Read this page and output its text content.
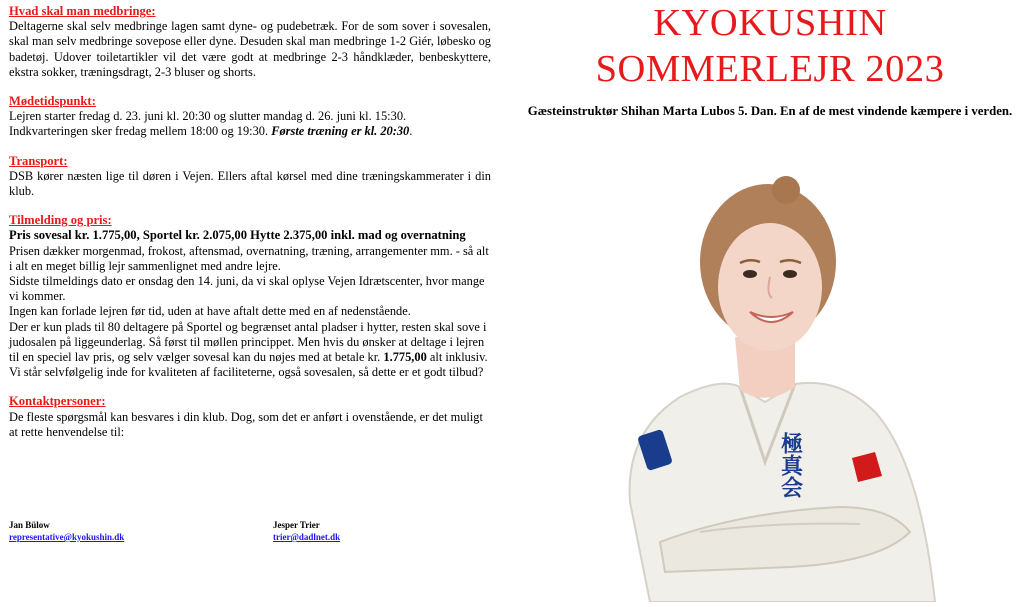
Hvad skal man medbringe:
Deltagerne skal selv medbringe lagen samt dyne- og pudebetræk. For de som sover i sovesalen, skal man selv medbringe sovepose eller dyne. Desuden skal man medbringe 1-2 Giér, løbesko og badetøj. Udover toiletartikler vil det være godt at medbringe 2-3 håndklæder, benbeskyttere, ekstra sokker, træningsdragt, 2-3 bluser og shorts.
Mødetidspunkt:
Lejren starter fredag d. 23. juni kl. 20:30 og slutter mandag d. 26. juni kl. 15:30.
Indkvarteringen sker fredag mellem 18:00 og 19:30. Første træning er kl. 20:30.
Transport:
DSB kører næsten lige til døren i Vejen. Ellers aftal kørsel med dine træningskammerater i din klub.
Tilmelding og pris:
Pris sovesal kr. 1.775,00, Sportel kr. 2.075,00 Hytte 2.375,00 inkl. mad og overnatning
Prisen dækker morgenmad, frokost, aftensmad, overnatning, træning, arrangementer mm. - så alt i alt en meget billig lejr sammenlignet med andre lejre.
Sidste tilmeldings dato er onsdag den 14. juni, da vi skal oplyse Vejen Idrætscenter, hvor mange vi kommer.
Ingen kan forlade lejren før tid, uden at have aftalt dette med en af nedenstående.
Der er kun plads til 80 deltagere på Sportel og begrænset antal pladser i hytter, resten skal sove i judosalen på liggeunderlag. Så først til møllen princippet. Men hvis du ønsker at deltage i lejren til en speciel lav pris, og selv vælger sovesal kan du nøjes med at betale kr. 1.775,00 alt inklusiv. Vi står selvfølgelig inde for kvaliteten af faciliteterne, også sovesalen, så dette er et godt tilbud?
Kontaktpersoner:
De fleste spørgsmål kan besvares i din klub. Dog, som det er anført i ovenstående, er det muligt at rette henvendelse til:
Jan Bülow
representative@kyokushin.dk
Jesper Trier
trier@dadlnet.dk
KYOKUSHIN
SOMMERLEJR 2023
Gæsteinstruktør Shihan Marta Lubos 5. Dan. En af de mest vindende kæmpere i verden.
極真会
